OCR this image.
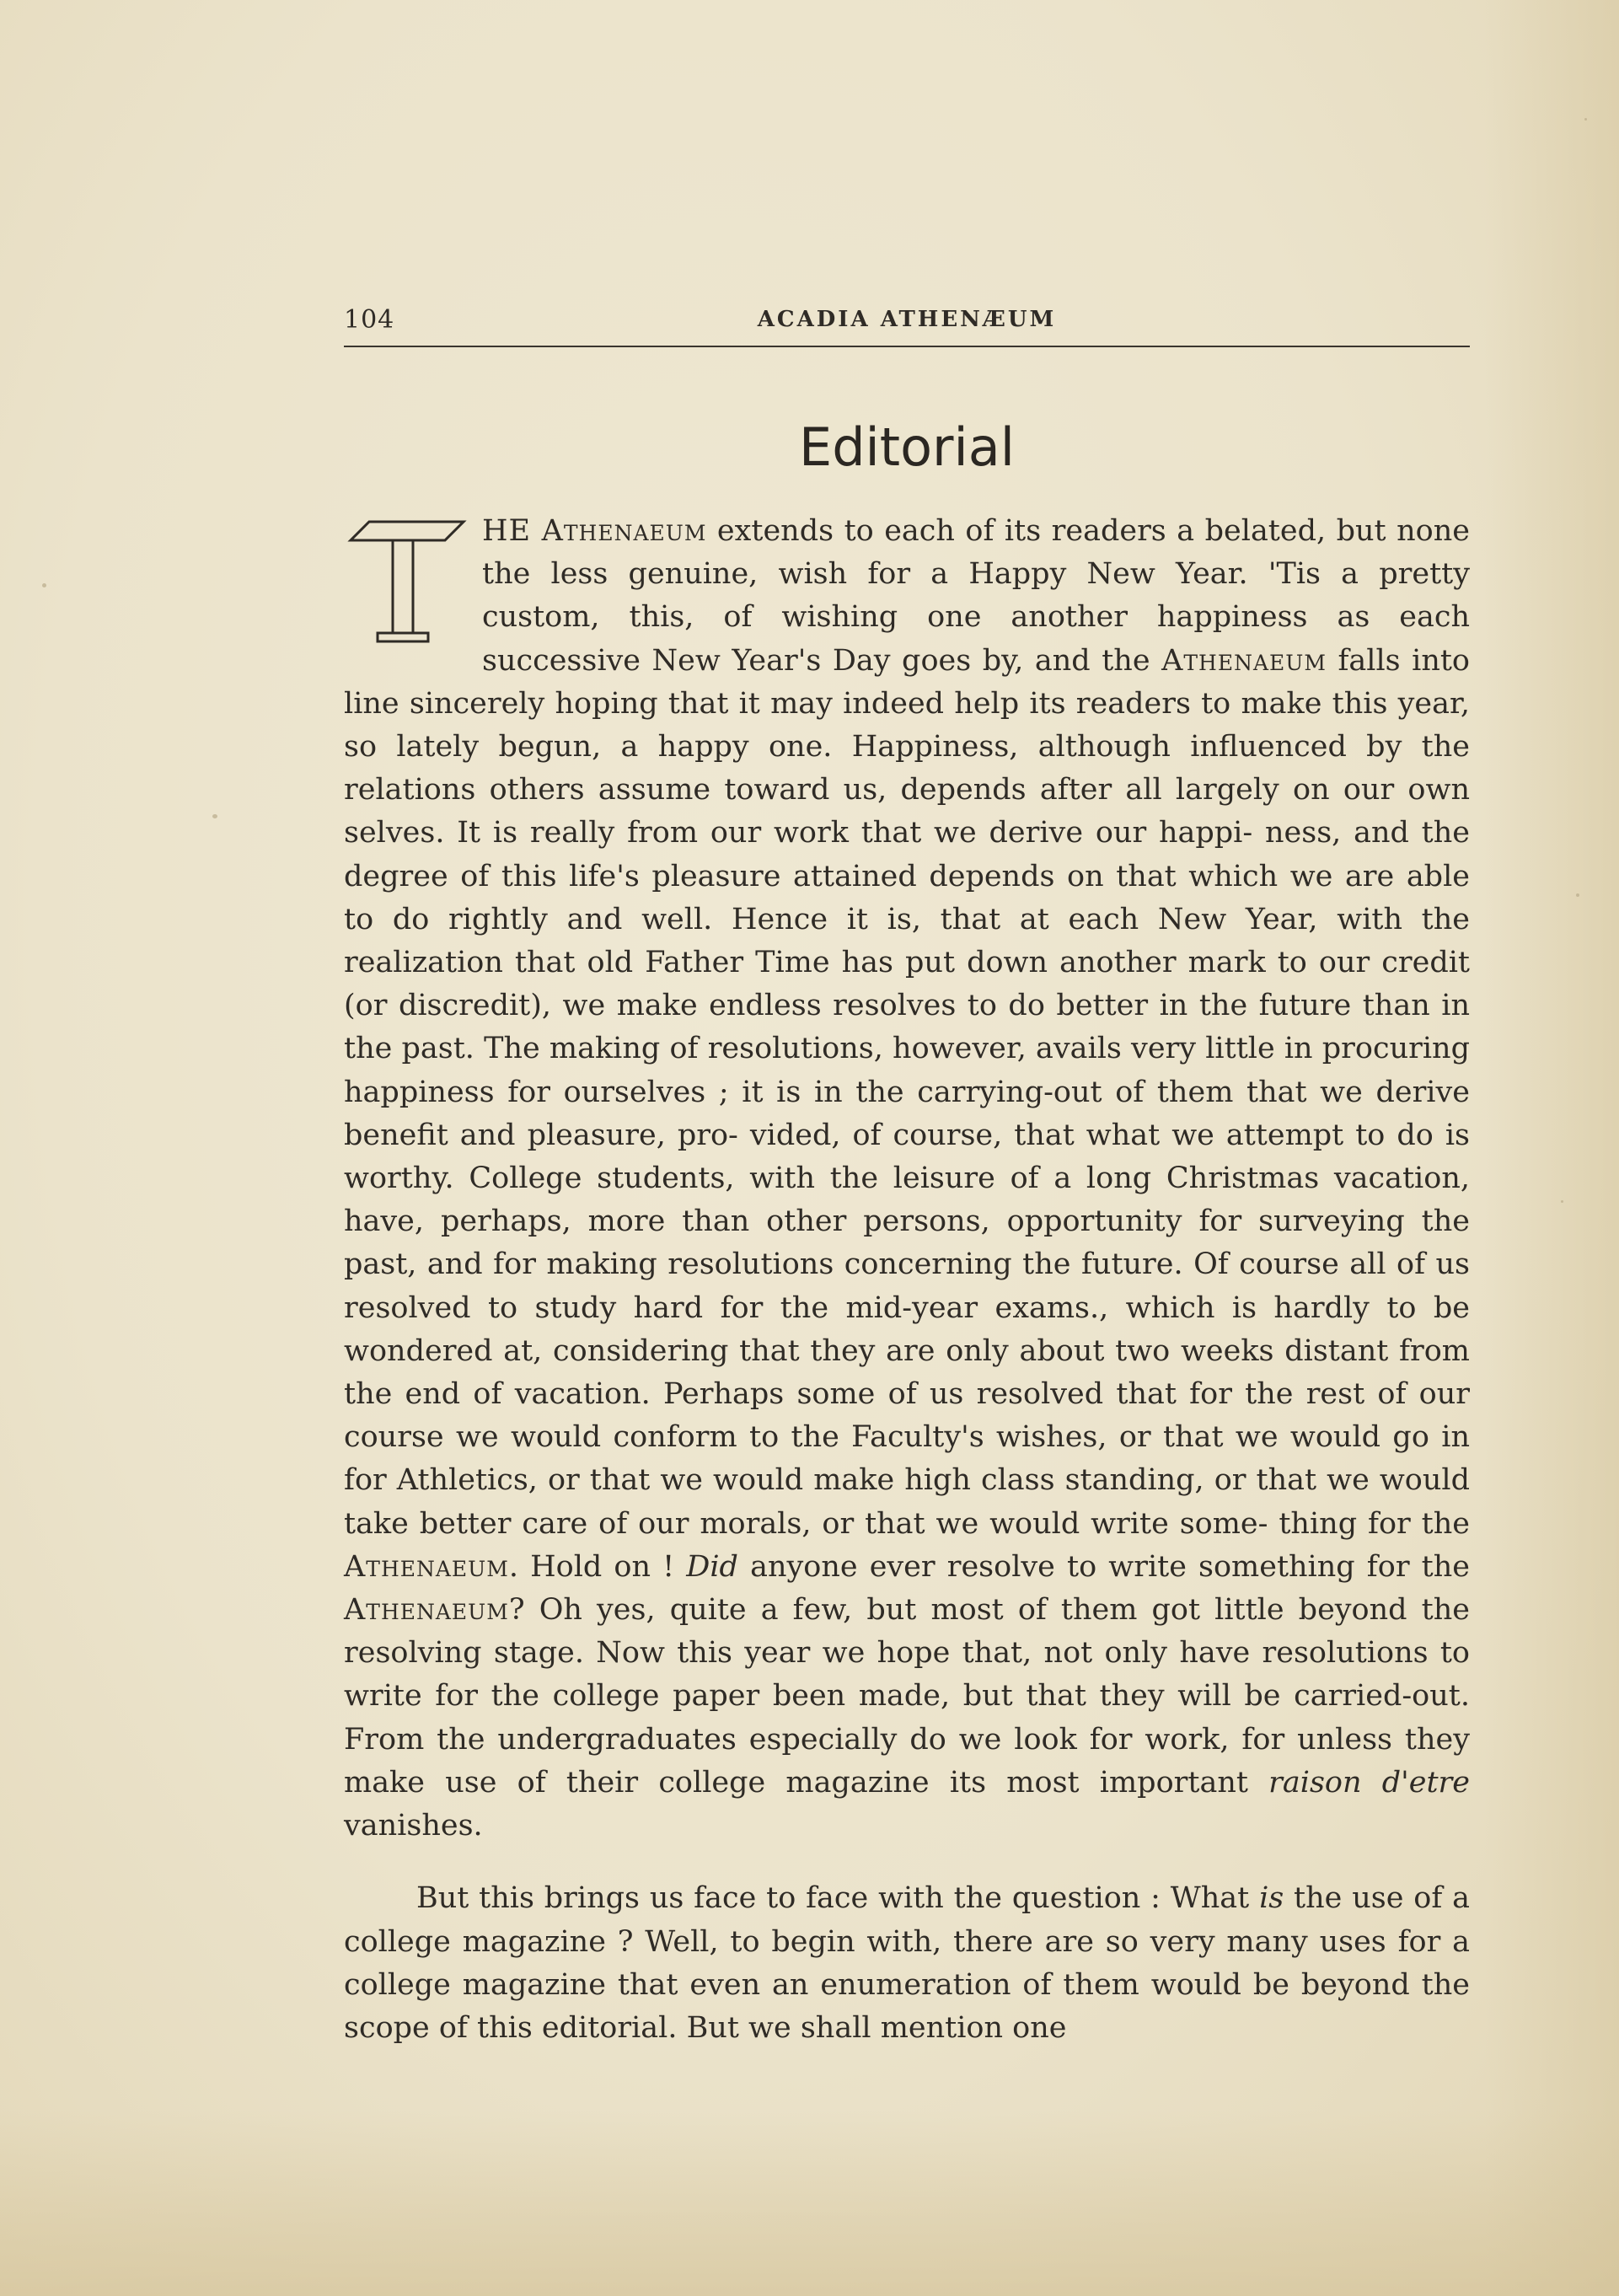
104	ACADIA ATHENÆUM
Editorial

HE Athenaeum extends to each of its readers a belated, but none the less genuine, wish for a Happy New Year. 'Tis a pretty custom, this, of wishing one another happiness as each successive New Year's Day goes by, and the Athenaeum falls into line sincerely hoping that it may indeed help its readers to make this year, so lately begun, a happy one. Happiness, although influenced by the relations others assume toward us, depends after all largely on our own selves. It is really from our work that we derive our happi- ness, and the degree of this life's pleasure attained depends on that which we are able to do rightly and well. Hence it is, that at each New Year, with the realization that old Father Time has put down another mark to our credit (or discredit), we make endless resolves to do better in the future than in the past. The making of resolutions, however, avails very little in procuring happiness for ourselves ; it is in the carrying-out of them that we derive benefit and pleasure, pro- vided, of course, that what we attempt to do is worthy. College students, with the leisure of a long Christmas vacation, have, perhaps, more than other persons, opportunity for surveying the past, and for making resolutions concerning the future. Of course all of us resolved to study hard for the mid-year exams., which is hardly to be wondered at, considering that they are only about two weeks distant from the end of vacation. Perhaps some of us resolved that for the rest of our course we would conform to the Faculty's wishes, or that we would go in for Athletics, or that we would make high class standing, or that we would take better care of our morals, or that we would write some- thing for the Athenaeum. Hold on ! Did anyone ever resolve to write something for the Athenaeum? Oh yes, quite a few, but most of them got little beyond the resolving stage. Now this year we hope that, not only have resolutions to write for the college paper been made, but that they will be carried-out. From the undergraduates especially do we look for work, for unless they make use of their college magazine its most important raison d'etre vanishes.

But this brings us face to face with the question : What is the use of a college magazine ? Well, to begin with, there are so very many uses for a college magazine that even an enumeration of them would be beyond the scope of this editorial. But we shall mention one
